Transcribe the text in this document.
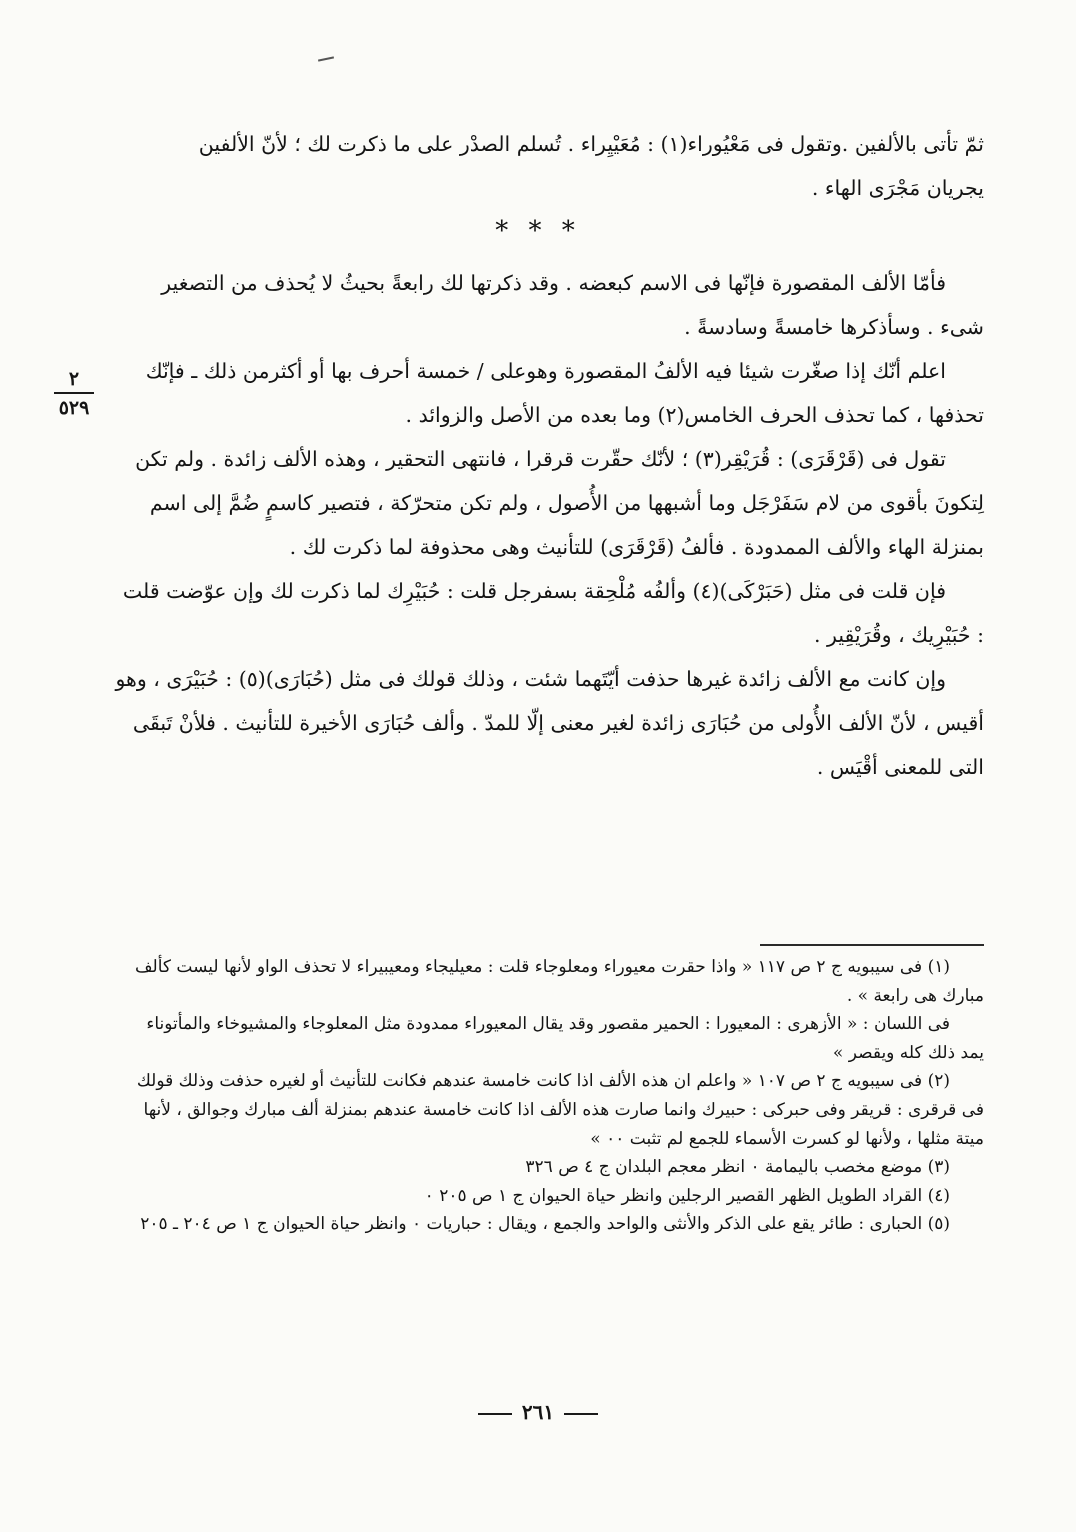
ثمّ تأتى بالألفين .وتقول فى مَعْيُوراء(١) : مُعَيْيِراء . تُسلم الصدْر على ما ذكرت لك ؛ لأنّ الألفين

يجريان مَجْرَى الهاء .

* * *
٢
٥٢٩

فأمّا الألف المقصورة فإنّها فى الاسم كبعضه . وقد ذكرتها لك رابعةً بحيثُ لا يُحذف من التصغير شىء . وسأذكرها خامسةً وسادسةً .

اعلم أنّك إذا صغّرت شيئا فيه الألفُ المقصورة وهوعلى / خمسة أحرف بها أو أكثرمن ذلك ـ فإنّك تحذفها ، كما تحذف الحرف الخامس(٢) وما بعده من الأصل والزوائد .

تقول فى (قَرْقَرَى) : قُرَيْقِر(٣) ؛ لأنّك حقّرت قرقرا ، فانتهى التحقير ، وهذه الألف زائدة . ولم تكن لِتكونَ بأقوى من لام سَفَرْجَل وما أشبهها من الأُصول ، ولم تكن متحرّكة ، فتصير كاسمٍ ضُمَّ إلى اسم بمنزلة الهاء والألف الممدودة . فألفُ (قَرْقَرَى) للتأنيث وهى محذوفة لما ذكرت لك .

فإن قلت فى مثل (حَبَرْكَى)(٤) وألفُه مُلْحِقة بسفرجل قلت : حُبَيْرِك لما ذكرت لك وإن عوّضت قلت : حُبَيْرِيك ، وقُرَيْقِير .

وإن كانت مع الألف زائدة غيرها حذفت أيّتَهما شئت ، وذلك قولك فى مثل (حُبَارَى)(٥) : حُبَيْرَى ، وهو أقيس ، لأنّ الألف الأُولى من حُبَارَى زائدة لغير معنى إلّا للمدّ . وألف حُبَارَى الأخيرة للتأنيث . فلأنْ تَبقَى التى للمعنى أقْيَس .

(١) فى سيبويه ج ٢ ص ١١٧ « واذا حقرت معيوراء ومعلوجاء قلت : معيليجاء ومعيبيراء لا تحذف الواو لأنها ليست كألف مبارك هى رابعة » .

فى اللسان : « الأزهرى : المعيورا : الحمير مقصور وقد يقال المعيوراء ممدودة مثل المعلوجاء والمشيوخاء والمأتوناء يمد ذلك كله ويقصر »

(٢) فى سيبويه ج ٢ ص ١٠٧ « واعلم ان هذه الألف اذا كانت خامسة عندهم فكانت للتأنيث أو لغيره حذفت وذلك قولك فى قرقرى : قريقر وفى حبركى : حبيرك وانما صارت هذه الألف اذا كانت خامسة عندهم بمنزلة ألف مبارك وجوالق ، لأنها ميتة مثلها ، ولأنها لو كسرت الأسماء للجمع لم تثبت ٠٠ »

(٣) موضع مخصب باليمامة ٠ انظر معجم البلدان ج ٤ ص ٣٢٦

(٤) القراد الطويل الظهر القصير الرجلين وانظر حياة الحيوان ج ١ ص ٢٠٥ ٠

(٥) الحبارى : طائر يقع على الذكر والأنثى والواحد والجمع ، ويقال : حباريات ٠ وانظر حياة الحيوان ج ١ ص ٢٠٤ ـ ٢٠٥

٢٦١
